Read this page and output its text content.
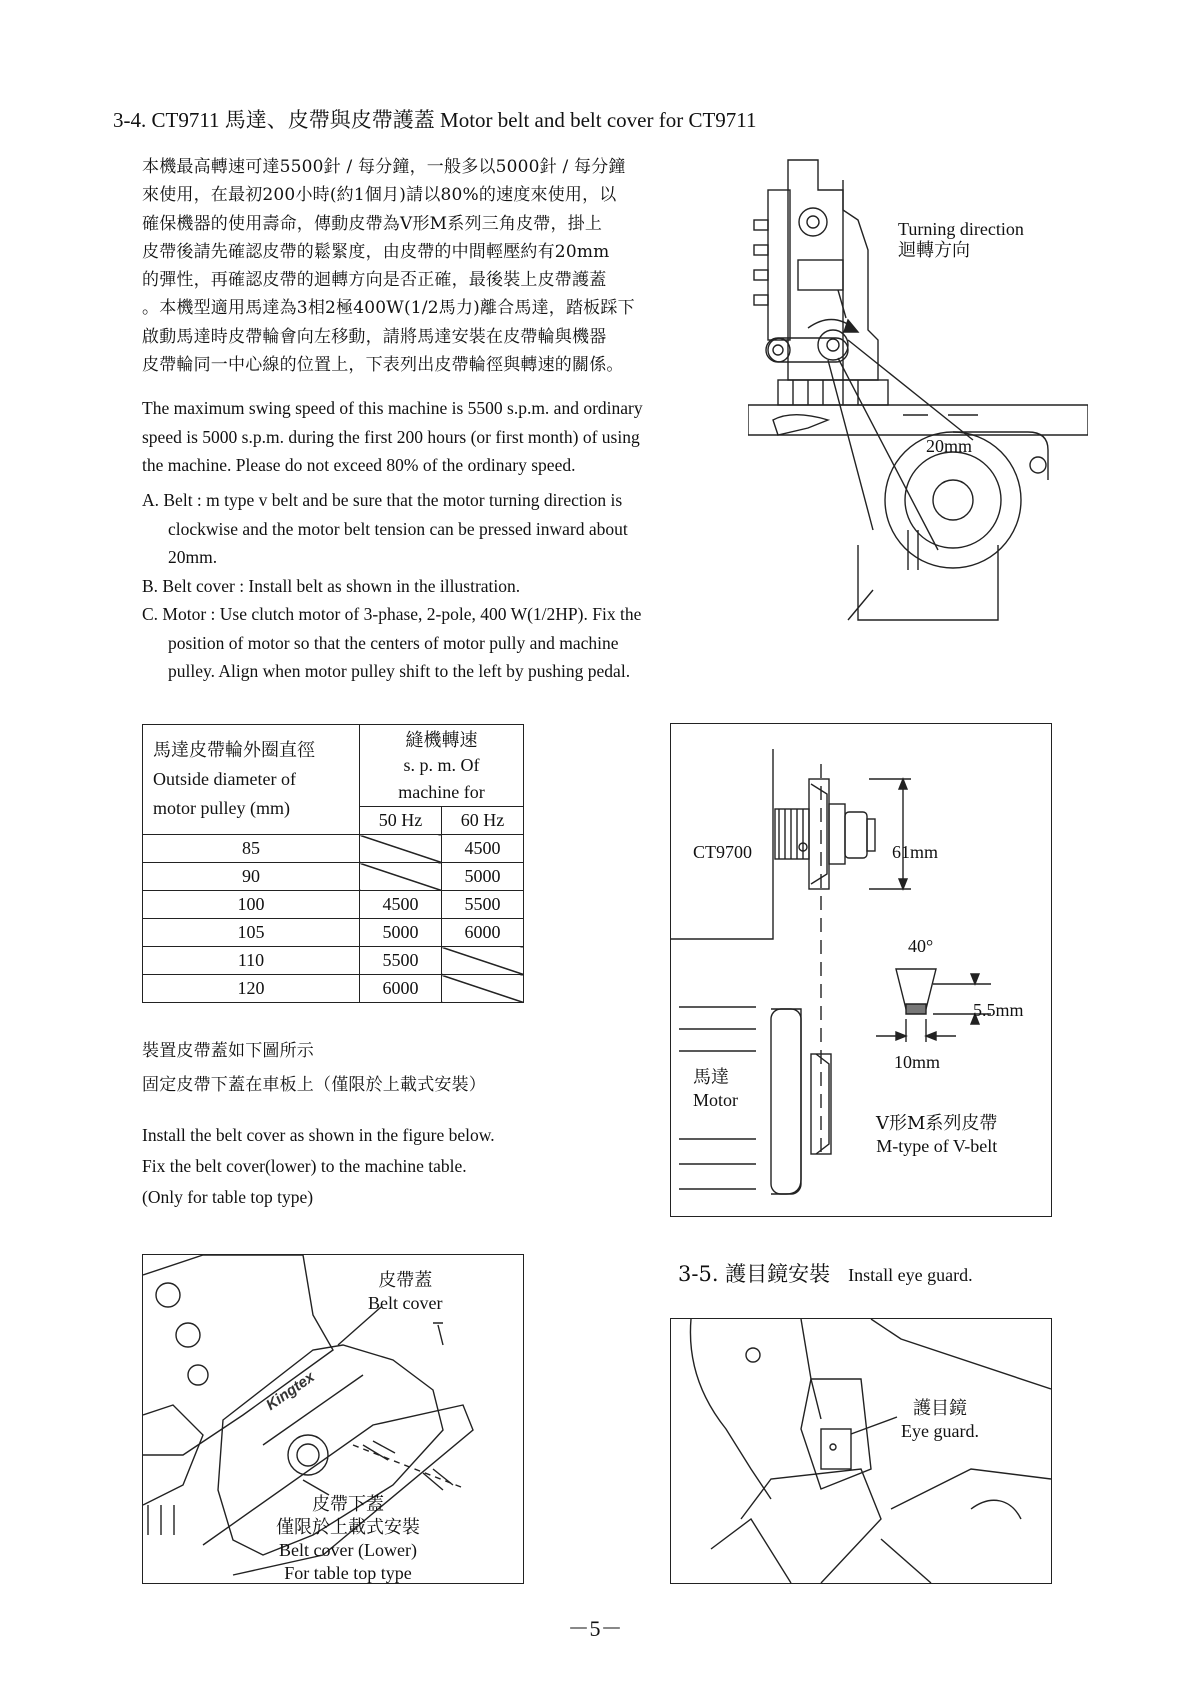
3-4. CT9711 馬達、皮帶與皮帶護蓋 Motor belt and belt cover for CT9711

本機最高轉速可達5500針 / 每分鐘，一般多以5000針 / 每分鐘

來使用，在最初200小時(約1個月)請以80%的速度來使用，以

確保機器的使用壽命，傳動皮帶為V形M系列三角皮帶，掛上

皮帶後請先確認皮帶的鬆緊度，由皮帶的中間輕壓約有20mm

的彈性，再確認皮帶的迴轉方向是否正確，最後裝上皮帶護蓋

。本機型適用馬達為3相2極400W(1/2馬力)離合馬達，踏板踩下

啟動馬達時皮帶輪會向左移動，請將馬達安裝在皮帶輪與機器

皮帶輪同一中心線的位置上，下表列出皮帶輪徑與轉速的關係。

The maximum swing speed of this machine is 5500 s.p.m. and ordinary

speed is 5000 s.p.m. during the first 200 hours (or first month) of using

the machine. Please do not exceed 80% of the ordinary speed.

A. Belt : m type v belt and be sure that the motor turning direction is

clockwise and the motor belt tension can be pressed inward about

20mm.

B. Belt cover : Install belt as shown in the illustration.

C. Motor : Use clutch motor of 3-phase, 2-pole, 400 W(1/2HP). Fix the

position of motor so that the centers of motor pully and machine

pulley. Align when motor pulley shift to the left by pushing pedal.

Turning direction
迴轉方向
20mm
馬達皮帶輪外圈直徑
Outside diameter of
motor pulley (mm)	縫機轉速	
	s. p. m. Of	
	machine for	
	50 Hz	60 Hz
85		4500
90		5000
100	4500	5500
105	5000	6000
110	5500	
120	6000	
CT9700	61mm
40°
5.5mm
10mm
馬達
Motor
V形M系列皮帶
M-type of V-belt

裝置皮帶蓋如下圖所示

固定皮帶下蓋在車板上（僅限於上載式安裝）

Install the belt cover as shown in the figure below.

Fix the belt cover(lower) to the machine table.

(Only for table top type)

皮帶蓋
Belt cover
皮帶下蓋
僅限於上載式安裝
Belt cover (Lower)
For table top type
Kingtex
3-5. 護目鏡安裝 Install eye guard.
護目鏡
Eye guard.
－5－
